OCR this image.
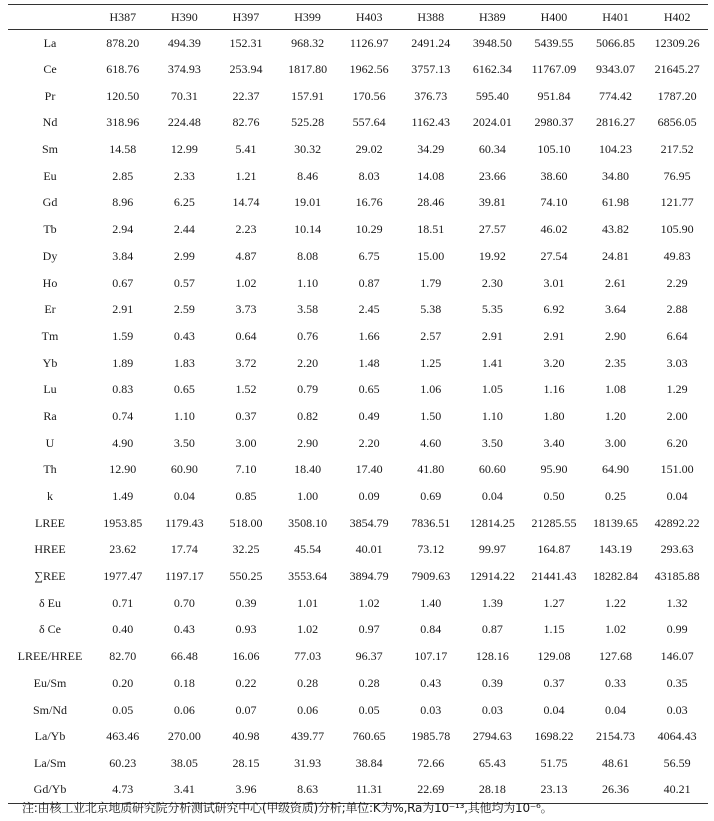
	H387	H390	H397	H399	H403	H388	H389	H400	H401	H402
La	878.20	494.39	152.31	968.32	1126.97	2491.24	3948.50	5439.55	5066.85	12309.26
Ce	618.76	374.93	253.94	1817.80	1962.56	3757.13	6162.34	11767.09	9343.07	21645.27
Pr	120.50	70.31	22.37	157.91	170.56	376.73	595.40	951.84	774.42	1787.20
Nd	318.96	224.48	82.76	525.28	557.64	1162.43	2024.01	2980.37	2816.27	6856.05
Sm	14.58	12.99	5.41	30.32	29.02	34.29	60.34	105.10	104.23	217.52
Eu	2.85	2.33	1.21	8.46	8.03	14.08	23.66	38.60	34.80	76.95
Gd	8.96	6.25	14.74	19.01	16.76	28.46	39.81	74.10	61.98	121.77
Tb	2.94	2.44	2.23	10.14	10.29	18.51	27.57	46.02	43.82	105.90
Dy	3.84	2.99	4.87	8.08	6.75	15.00	19.92	27.54	24.81	49.83
Ho	0.67	0.57	1.02	1.10	0.87	1.79	2.30	3.01	2.61	2.29
Er	2.91	2.59	3.73	3.58	2.45	5.38	5.35	6.92	3.64	2.88
Tm	1.59	0.43	0.64	0.76	1.66	2.57	2.91	2.91	2.90	6.64
Yb	1.89	1.83	3.72	2.20	1.48	1.25	1.41	3.20	2.35	3.03
Lu	0.83	0.65	1.52	0.79	0.65	1.06	1.05	1.16	1.08	1.29
Ra	0.74	1.10	0.37	0.82	0.49	1.50	1.10	1.80	1.20	2.00
U	4.90	3.50	3.00	2.90	2.20	4.60	3.50	3.40	3.00	6.20
Th	12.90	60.90	7.10	18.40	17.40	41.80	60.60	95.90	64.90	151.00
k	1.49	0.04	0.85	1.00	0.09	0.69	0.04	0.50	0.25	0.04
LREE	1953.85	1179.43	518.00	3508.10	3854.79	7836.51	12814.25	21285.55	18139.65	42892.22
HREE	23.62	17.74	32.25	45.54	40.01	73.12	99.97	164.87	143.19	293.63
∑REE	1977.47	1197.17	550.25	3553.64	3894.79	7909.63	12914.22	21441.43	18282.84	43185.88
δ Eu	0.71	0.70	0.39	1.01	1.02	1.40	1.39	1.27	1.22	1.32
δ Ce	0.40	0.43	0.93	1.02	0.97	0.84	0.87	1.15	1.02	0.99
LREE/HREE	82.70	66.48	16.06	77.03	96.37	107.17	128.16	129.08	127.68	146.07
Eu/Sm	0.20	0.18	0.22	0.28	0.28	0.43	0.39	0.37	0.33	0.35
Sm/Nd	0.05	0.06	0.07	0.06	0.05	0.03	0.03	0.04	0.04	0.03
La/Yb	463.46	270.00	40.98	439.77	760.65	1985.78	2794.63	1698.22	2154.73	4064.43
La/Sm	60.23	38.05	28.15	31.93	38.84	72.66	65.43	51.75	48.61	56.59
Gd/Yb	4.73	3.41	3.96	8.63	11.31	22.69	28.18	23.13	26.36	40.21
注:由核工业北京地质研究院分析测试研究中心(甲级资质)分析;单位:K为%,Ra为10⁻¹³,其他均为10⁻⁶。
